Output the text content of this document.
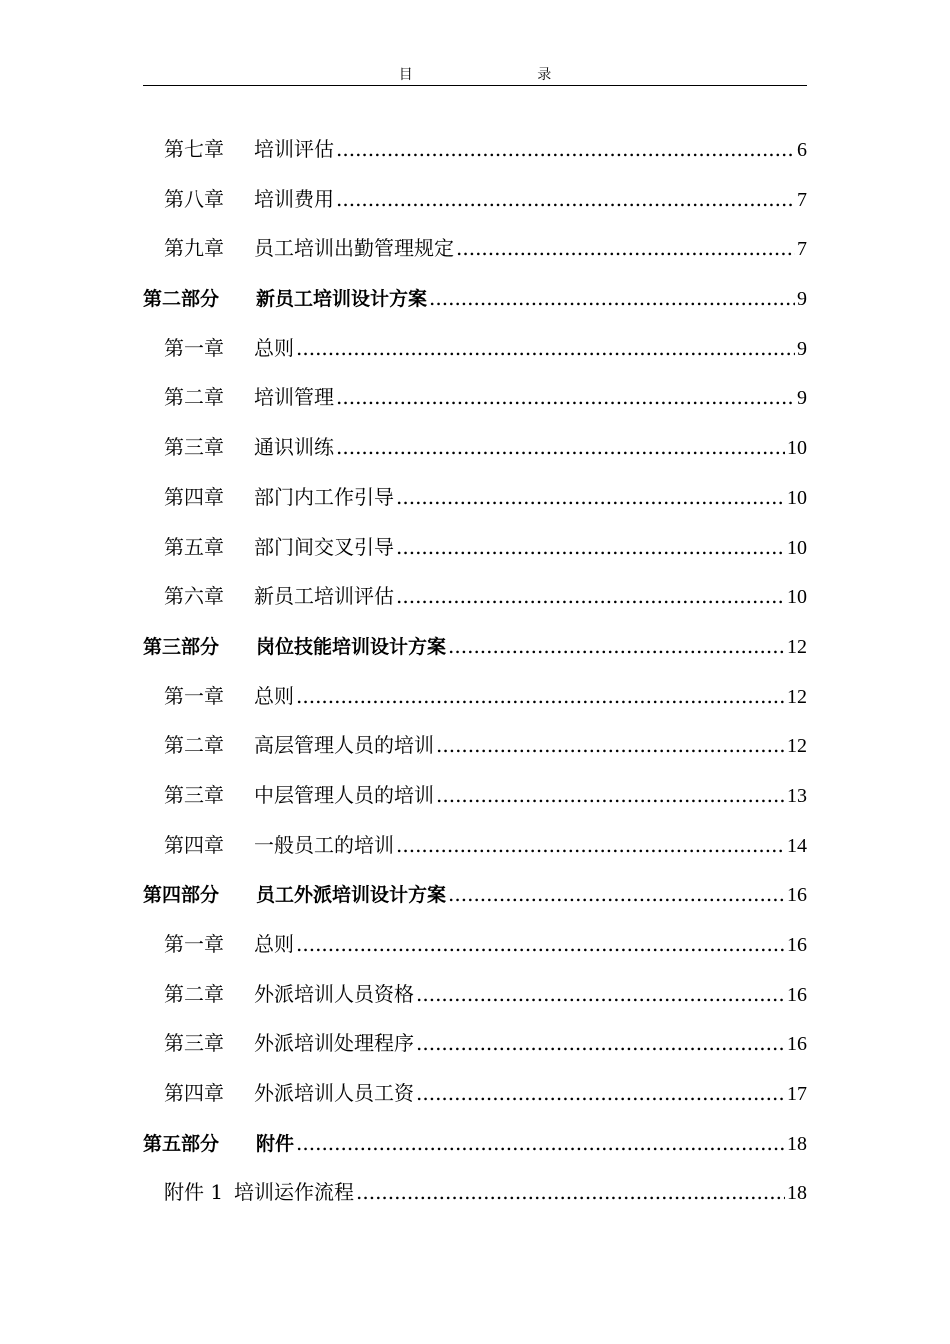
目 录
第七章	培训评估 .....	6
第八章	培训费用 .....	7
第九章	员工培训出勤管理规定 .....	7
第二部分	新员工培训设计方案 .....	9
第一章	总则 .....	9
第二章	培训管理 .....	9
第三章	通识训练 .....	10
第四章	部门内工作引导 .....	10
第五章	部门间交叉引导 .....	10
第六章	新员工培训评估 .....	10
第三部分	岗位技能培训设计方案 .....	12
第一章	总则 .....	12
第二章	高层管理人员的培训 .....	12
第三章	中层管理人员的培训 .....	13
第四章	一般员工的培训 .....	14
第四部分	员工外派培训设计方案 .....	16
第一章	总则 .....	16
第二章	外派培训人员资格 .....	16
第三章	外派培训处理程序 .....	16
第四章	外派培训人员工资 .....	17
第五部分	附件 .....	18
附件 1 培训运作流程 .....	18
